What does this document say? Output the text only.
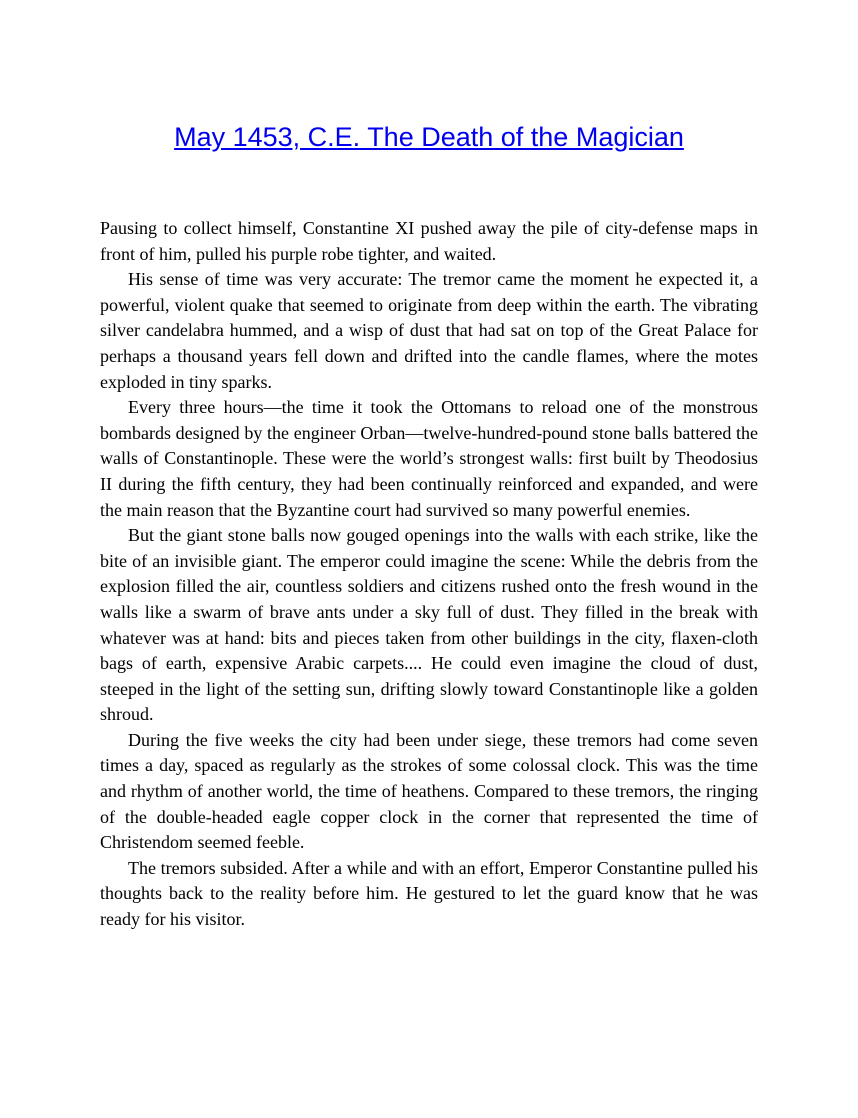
May 1453, C.E. The Death of the Magician

Pausing to collect himself, Constantine XI pushed away the pile of city-defense maps in front of him, pulled his purple robe tighter, and waited.

His sense of time was very accurate: The tremor came the moment he expected it, a powerful, violent quake that seemed to originate from deep within the earth. The vibrating silver candelabra hummed, and a wisp of dust that had sat on top of the Great Palace for perhaps a thousand years fell down and drifted into the candle flames, where the motes exploded in tiny sparks.

Every three hours—the time it took the Ottomans to reload one of the monstrous bombards designed by the engineer Orban—twelve-hundred-pound stone balls battered the walls of Constantinople. These were the world’s strongest walls: first built by Theodosius II during the fifth century, they had been continually reinforced and expanded, and were the main reason that the Byzantine court had survived so many powerful enemies.

But the giant stone balls now gouged openings into the walls with each strike, like the bite of an invisible giant. The emperor could imagine the scene: While the debris from the explosion filled the air, countless soldiers and citizens rushed onto the fresh wound in the walls like a swarm of brave ants under a sky full of dust. They filled in the break with whatever was at hand: bits and pieces taken from other buildings in the city, flaxen-cloth bags of earth, expensive Arabic carpets.... He could even imagine the cloud of dust, steeped in the light of the setting sun, drifting slowly toward Constantinople like a golden shroud.

During the five weeks the city had been under siege, these tremors had come seven times a day, spaced as regularly as the strokes of some colossal clock. This was the time and rhythm of another world, the time of heathens. Compared to these tremors, the ringing of the double-headed eagle copper clock in the corner that represented the time of Christendom seemed feeble.

The tremors subsided. After a while and with an effort, Emperor Constantine pulled his thoughts back to the reality before him. He gestured to let the guard know that he was ready for his visitor.
